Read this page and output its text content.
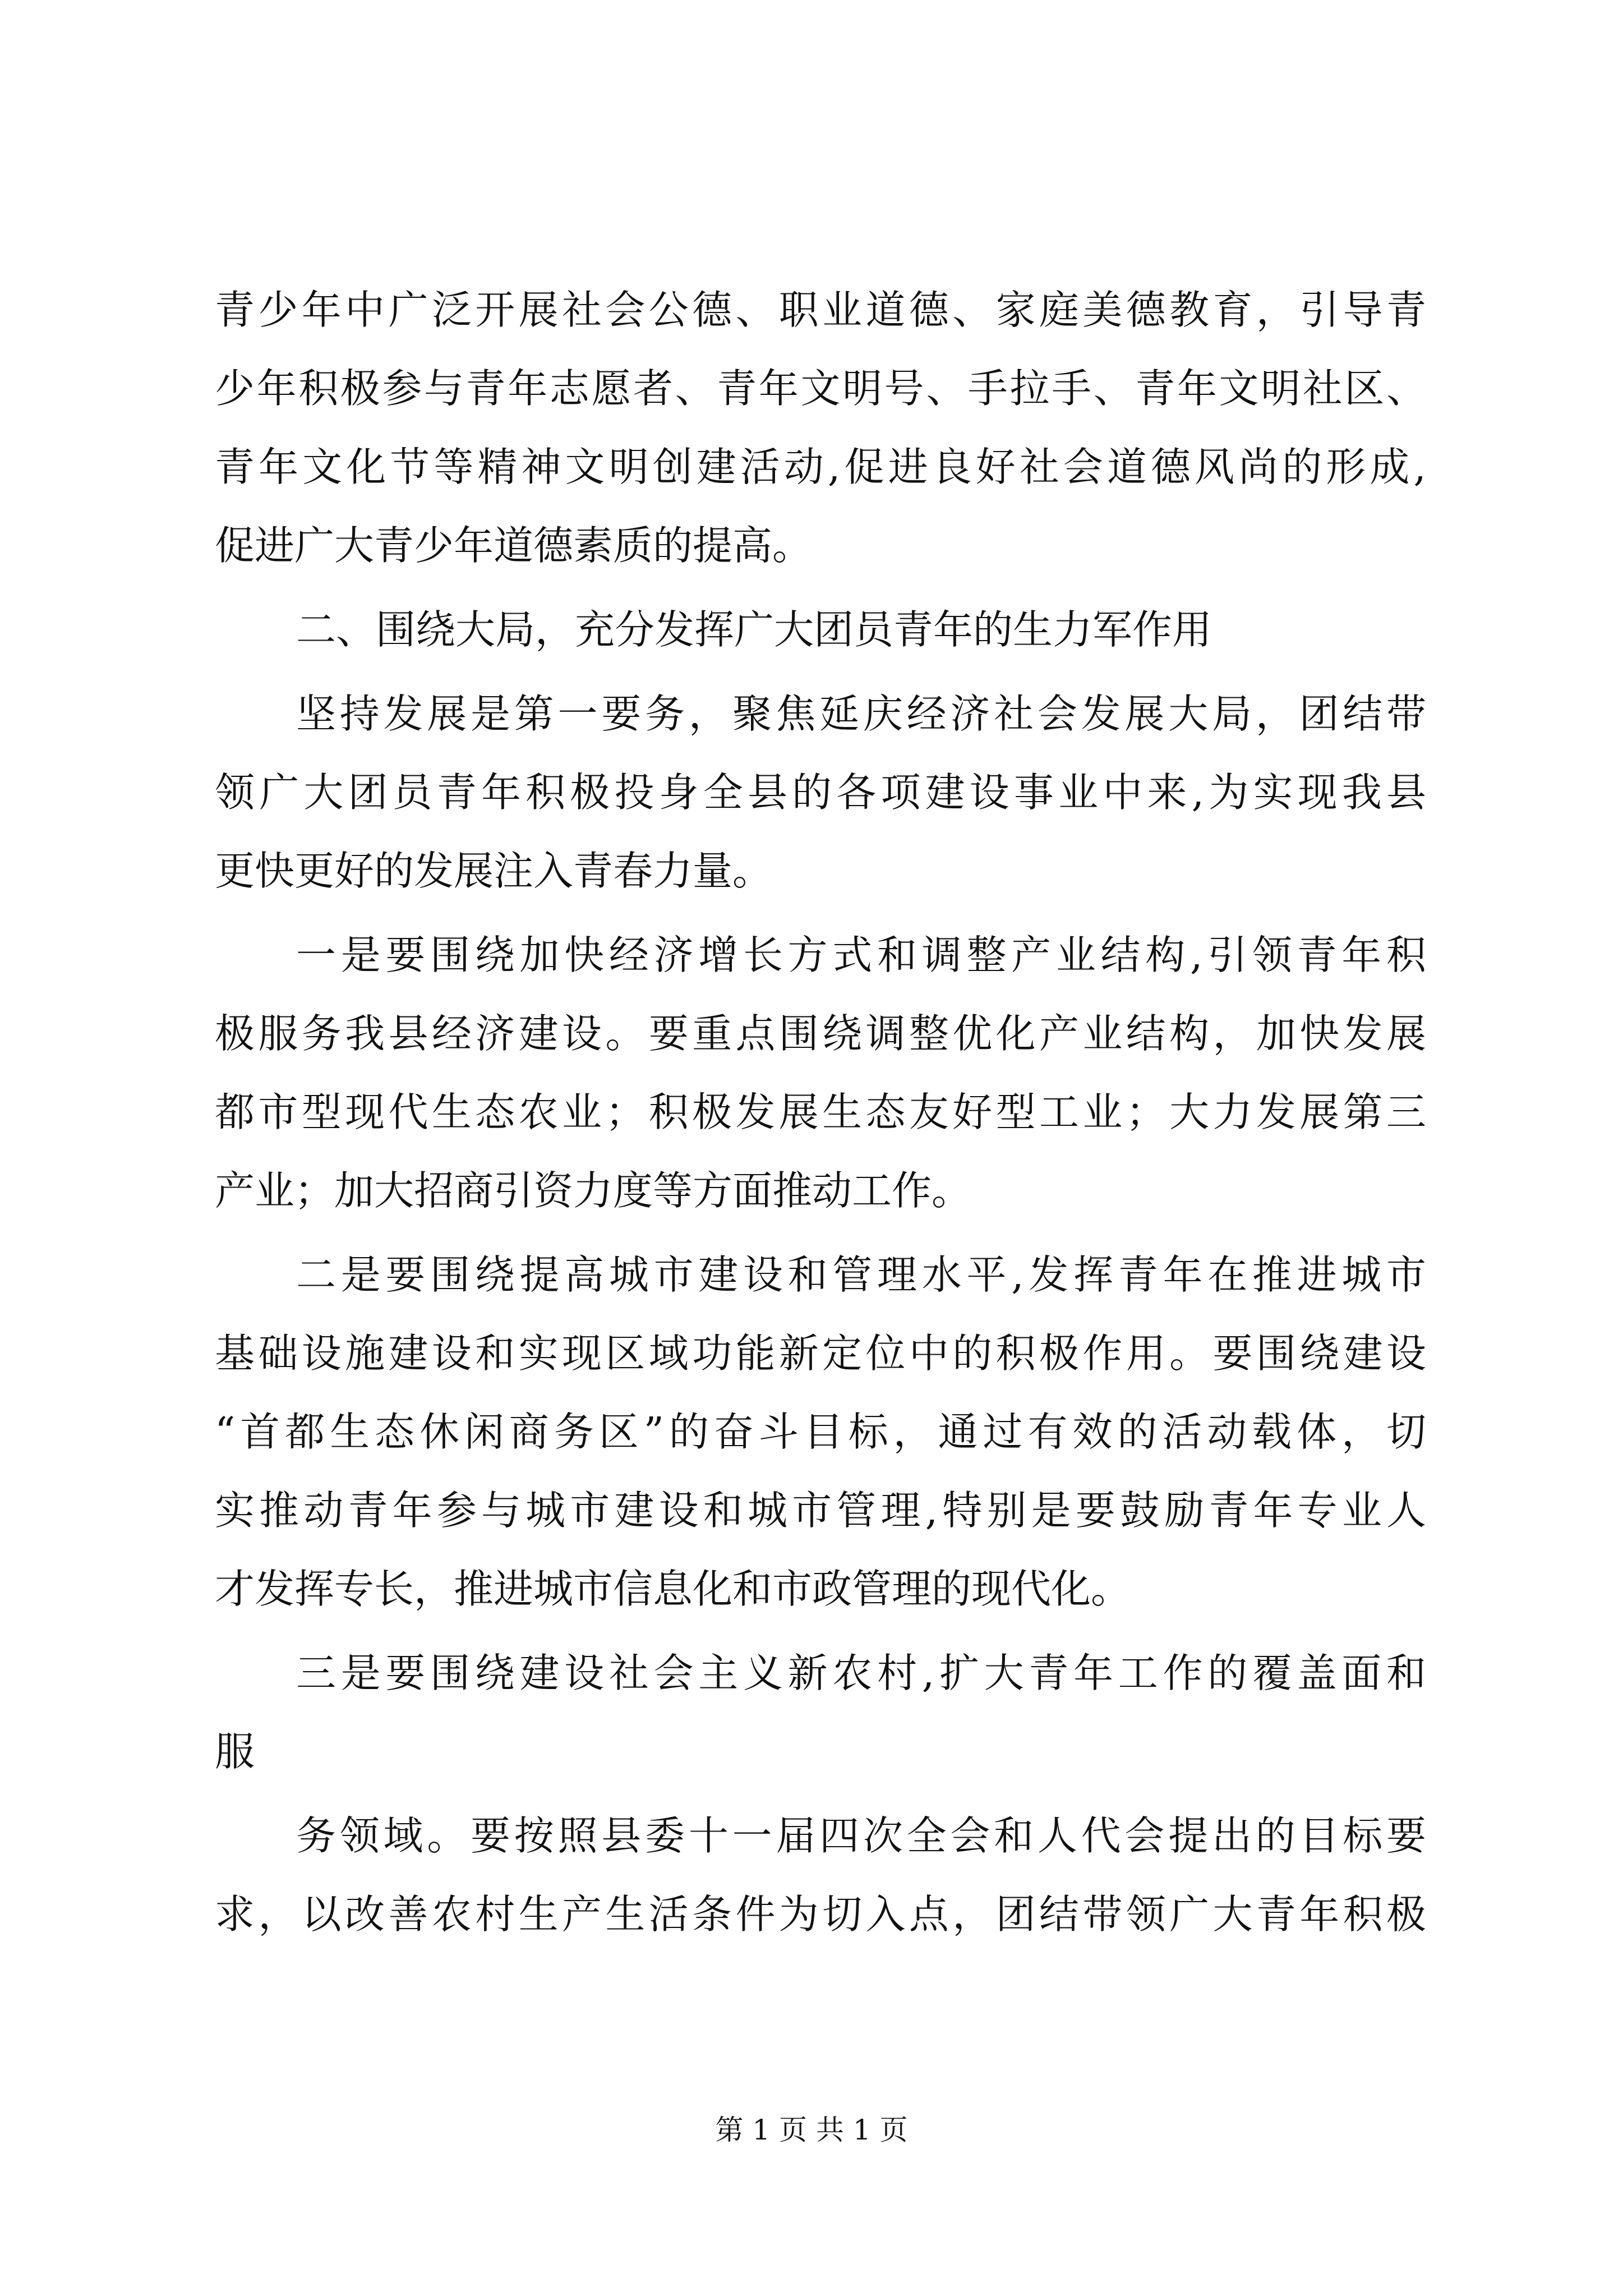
青少年中广泛开展社会公德、职业道德、家庭美德教育，引导青
少年积极参与青年志愿者、青年文明号、手拉手、青年文明社区、
青年文化节等精神文明创建活动,促进良好社会道德风尚的形成,
促进广大青少年道德素质的提高。
二、围绕大局，充分发挥广大团员青年的生力军作用
坚持发展是第一要务，聚焦延庆经济社会发展大局，团结带
领广大团员青年积极投身全县的各项建设事业中来,为实现我县
更快更好的发展注入青春力量。
一是要围绕加快经济增长方式和调整产业结构,引领青年积
极服务我县经济建设。要重点围绕调整优化产业结构，加快发展
都市型现代生态农业；积极发展生态友好型工业；大力发展第三
产业；加大招商引资力度等方面推动工作。
二是要围绕提高城市建设和管理水平,发挥青年在推进城市
基础设施建设和实现区域功能新定位中的积极作用。要围绕建设
“首都生态休闲商务区”的奋斗目标，通过有效的活动载体，切
实推动青年参与城市建设和城市管理,特别是要鼓励青年专业人
才发挥专长，推进城市信息化和市政管理的现代化。
三是要围绕建设社会主义新农村,扩大青年工作的覆盖面和
服
务领域。要按照县委十一届四次全会和人代会提出的目标要
求，以改善农村生产生活条件为切入点，团结带领广大青年积极
第 1 页 共 1 页
